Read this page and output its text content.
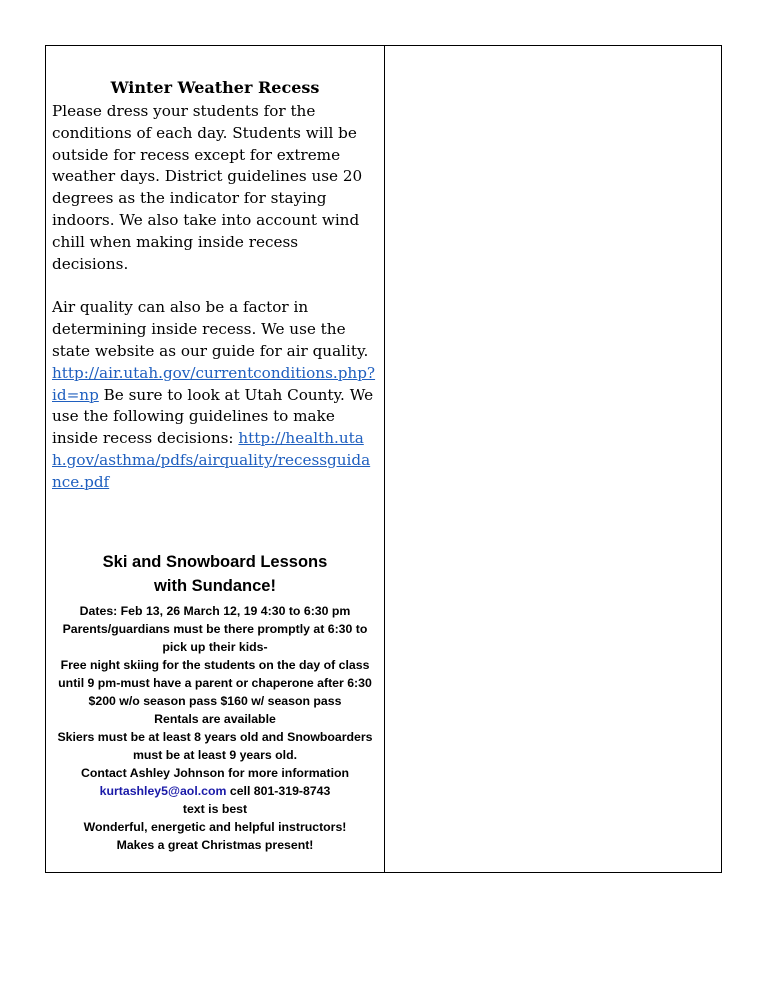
Winter Weather Recess

Please dress your students for the conditions of each day. Students will be outside for recess except for extreme weather days. District guidelines use 20 degrees as the indicator for staying indoors. We also take into account wind chill when making inside recess decisions.

Air quality can also be a factor in determining inside recess. We use the state website as our guide for air quality. http://air.utah.gov/currentconditions.php?id=np Be sure to look at Utah County. We use the following guidelines to make inside recess decisions: http://health.utah.gov/asthma/pdfs/airquality/recessguidance.pdf

Ski and Snowboard Lessons
with Sundance!

Dates: Feb 13, 26 March 12, 19 4:30 to 6:30 pm

Parents/guardians must be there promptly at 6:30 to pick up their kids-

Free night skiing for the students on the day of class until 9 pm-must have a parent or chaperone after 6:30

$200 w/o season pass $160 w/ season pass

Rentals are available

Skiers must be at least 8 years old and Snowboarders must be at least 9 years old.

Contact Ashley Johnson for more information

kurtashley5@aol.com cell 801-319-8743

text is best

Wonderful, energetic and helpful instructors!

Makes a great Christmas present!
